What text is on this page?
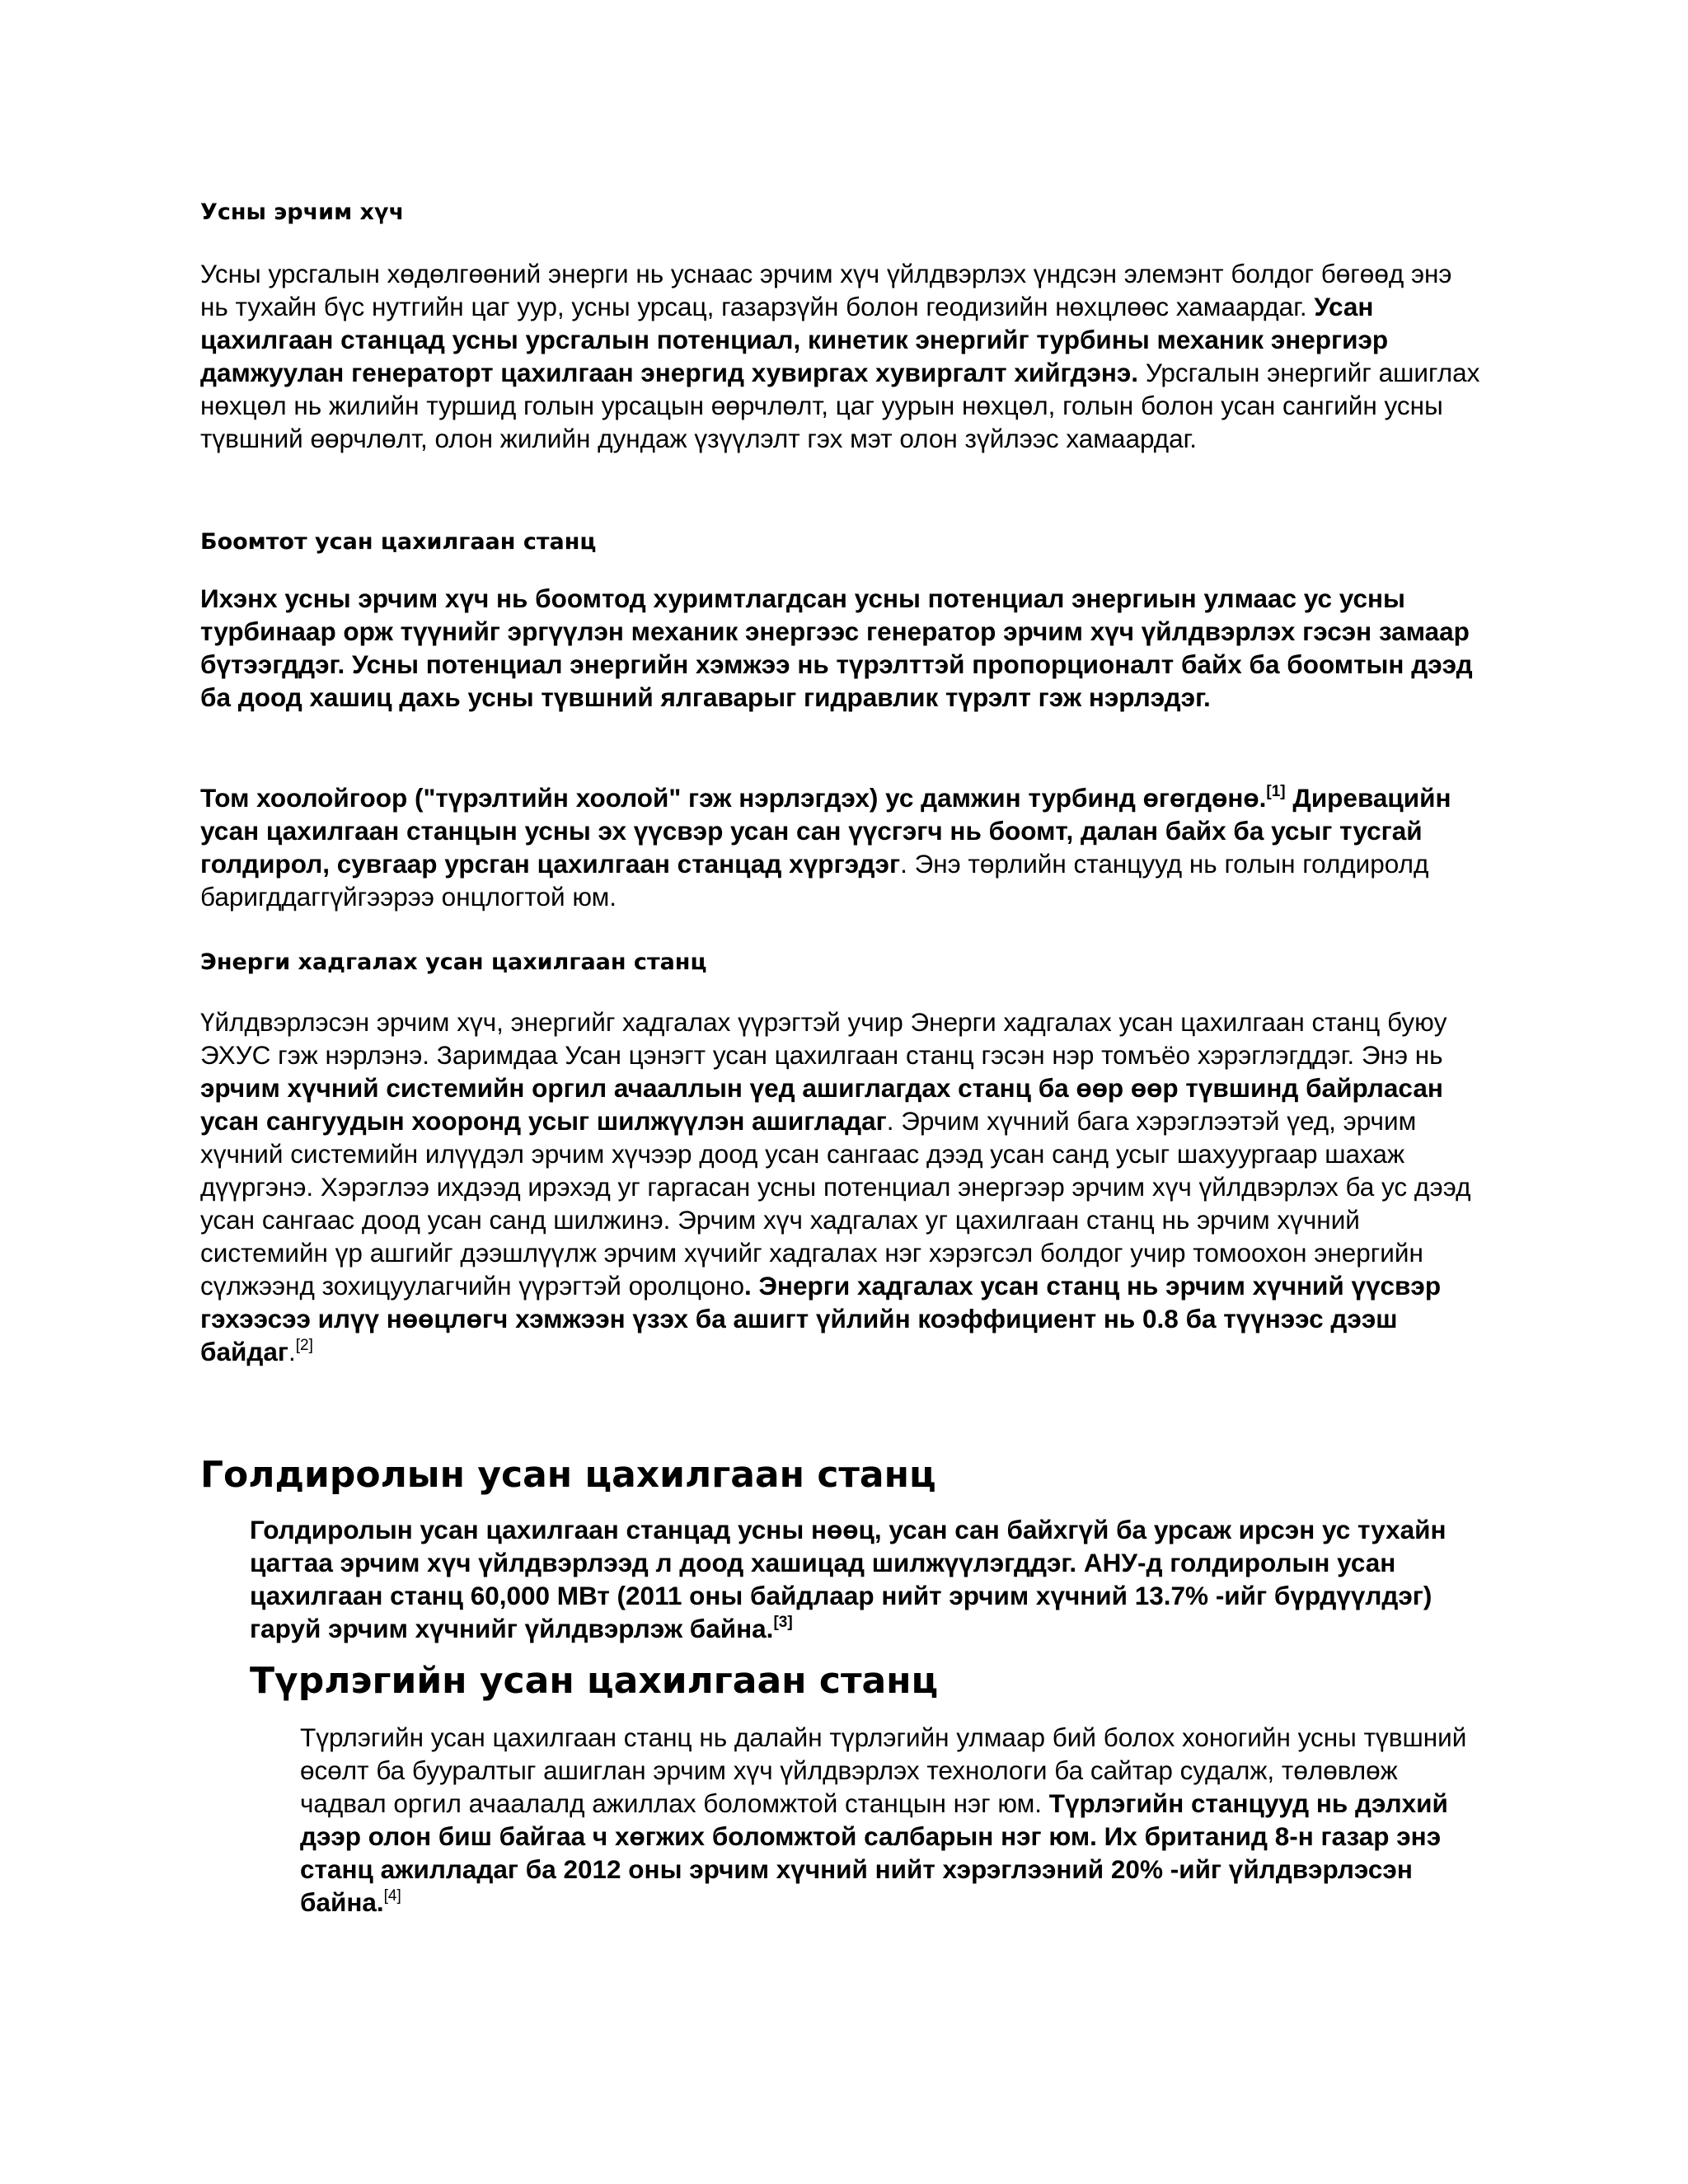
Усны эрчим хүч

Усны урсгалын хөдөлгөөний энерги нь уснаас эрчим хүч үйлдвэрлэх үндсэн элемэнт болдог бөгөөд энэ нь тухайн бүс нутгийн цаг уур, усны урсац, газарзүйн болон геодизийн нөхцлөөс хамаардаг. Усан цахилгаан станцад усны урсгалын потенциал, кинетик энергийг турбины механик энергиэр дамжуулан генераторт цахилгаан энергид хувиргах хувиргалт хийгдэнэ. Урсгалын энергийг ашиглах нөхцөл нь жилийн туршид голын урсацын өөрчлөлт, цаг уурын нөхцөл, голын болон усан сангийн усны түвшний өөрчлөлт, олон жилийн дундаж үзүүлэлт гэх мэт олон зүйлээс хамаардаг.

Боомтот усан цахилгаан станц

Ихэнх усны эрчим хүч нь боомтод хуримтлагдсан усны потенциал энергиын улмаас ус усны турбинаар орж түүнийг эргүүлэн механик энергээс генератор эрчим хүч үйлдвэрлэх гэсэн замаар бүтээгддэг. Усны потенциал энергийн хэмжээ нь түрэлттэй пропорционалт байх ба боомтын дээд ба доод хашиц дахь усны түвшний ялгаварыг гидравлик түрэлт гэж нэрлэдэг.

Том хоолойгоор ("түрэлтийн хоолой" гэж нэрлэгдэх) ус дамжин турбинд өгөгдөнө.[1] Диревацийн усан цахилгаан станцын усны эх үүсвэр усан сан үүсгэгч нь боомт, далан байх ба усыг тусгай голдирол, сувгаар урсган цахилгаан станцад хүргэдэг. Энэ төрлийн станцууд нь голын голдиролд баригддаггүйгээрээ онцлогтой юм.

Энерги хадгалах усан цахилгаан станц

Үйлдвэрлэсэн эрчим хүч, энергийг хадгалах үүрэгтэй учир Энерги хадгалах усан цахилгаан станц буюу ЭХУС гэж нэрлэнэ. Заримдаа Усан цэнэгт усан цахилгаан станц гэсэн нэр томъёо хэрэглэгддэг. Энэ нь эрчим хүчний системийн оргил ачааллын үед ашиглагдах станц ба өөр өөр түвшинд байрласан усан сангуудын хооронд усыг шилжүүлэн ашигладаг. Эрчим хүчний бага хэрэглээтэй үед, эрчим хүчний системийн илүүдэл эрчим хүчээр доод усан сангаас дээд усан санд усыг шахуургаар шахаж дүүргэнэ. Хэрэглээ ихдээд ирэхэд уг гаргасан усны потенциал энергээр эрчим хүч үйлдвэрлэх ба ус дээд усан сангаас доод усан санд шилжинэ. Эрчим хүч хадгалах уг цахилгаан станц нь эрчим хүчний системийн үр ашгийг дээшлүүлж эрчим хүчийг хадгалах нэг хэрэгсэл болдог учир томоохон энергийн сүлжээнд зохицуулагчийн үүрэгтэй оролцоно. Энерги хадгалах усан станц нь эрчим хүчний үүсвэр гэхээсээ илүү нөөцлөгч хэмжээн үзэх ба ашигт үйлийн коэффициент нь 0.8 ба түүнээс дээш байдаг.[2]

Голдиролын усан цахилгаан станц

Голдиролын усан цахилгаан станцад усны нөөц, усан сан байхгүй ба урсаж ирсэн ус тухайн цагтаа эрчим хүч үйлдвэрлээд л доод хашицад шилжүүлэгддэг. АНУ-д голдиролын усан цахилгаан станц 60,000 МВт (2011 оны байдлаар нийт эрчим хүчний 13.7% -ийг бүрдүүлдэг) гаруй эрчим хүчнийг үйлдвэрлэж байна.[3]

Түрлэгийн усан цахилгаан станц

Түрлэгийн усан цахилгаан станц нь далайн түрлэгийн улмаар бий болох хоногийн усны түвшний өсөлт ба бууралтыг ашиглан эрчим хүч үйлдвэрлэх технологи ба сайтар судалж, төлөвлөж чадвал оргил ачаалалд ажиллах боломжтой станцын нэг юм. Түрлэгийн станцууд нь дэлхий дээр олон биш байгаа ч хөгжих боломжтой салбарын нэг юм. Их британид 8-н газар энэ станц ажилладаг ба 2012 оны эрчим хүчний нийт хэрэглээний 20% -ийг үйлдвэрлэсэн байна.[4]
